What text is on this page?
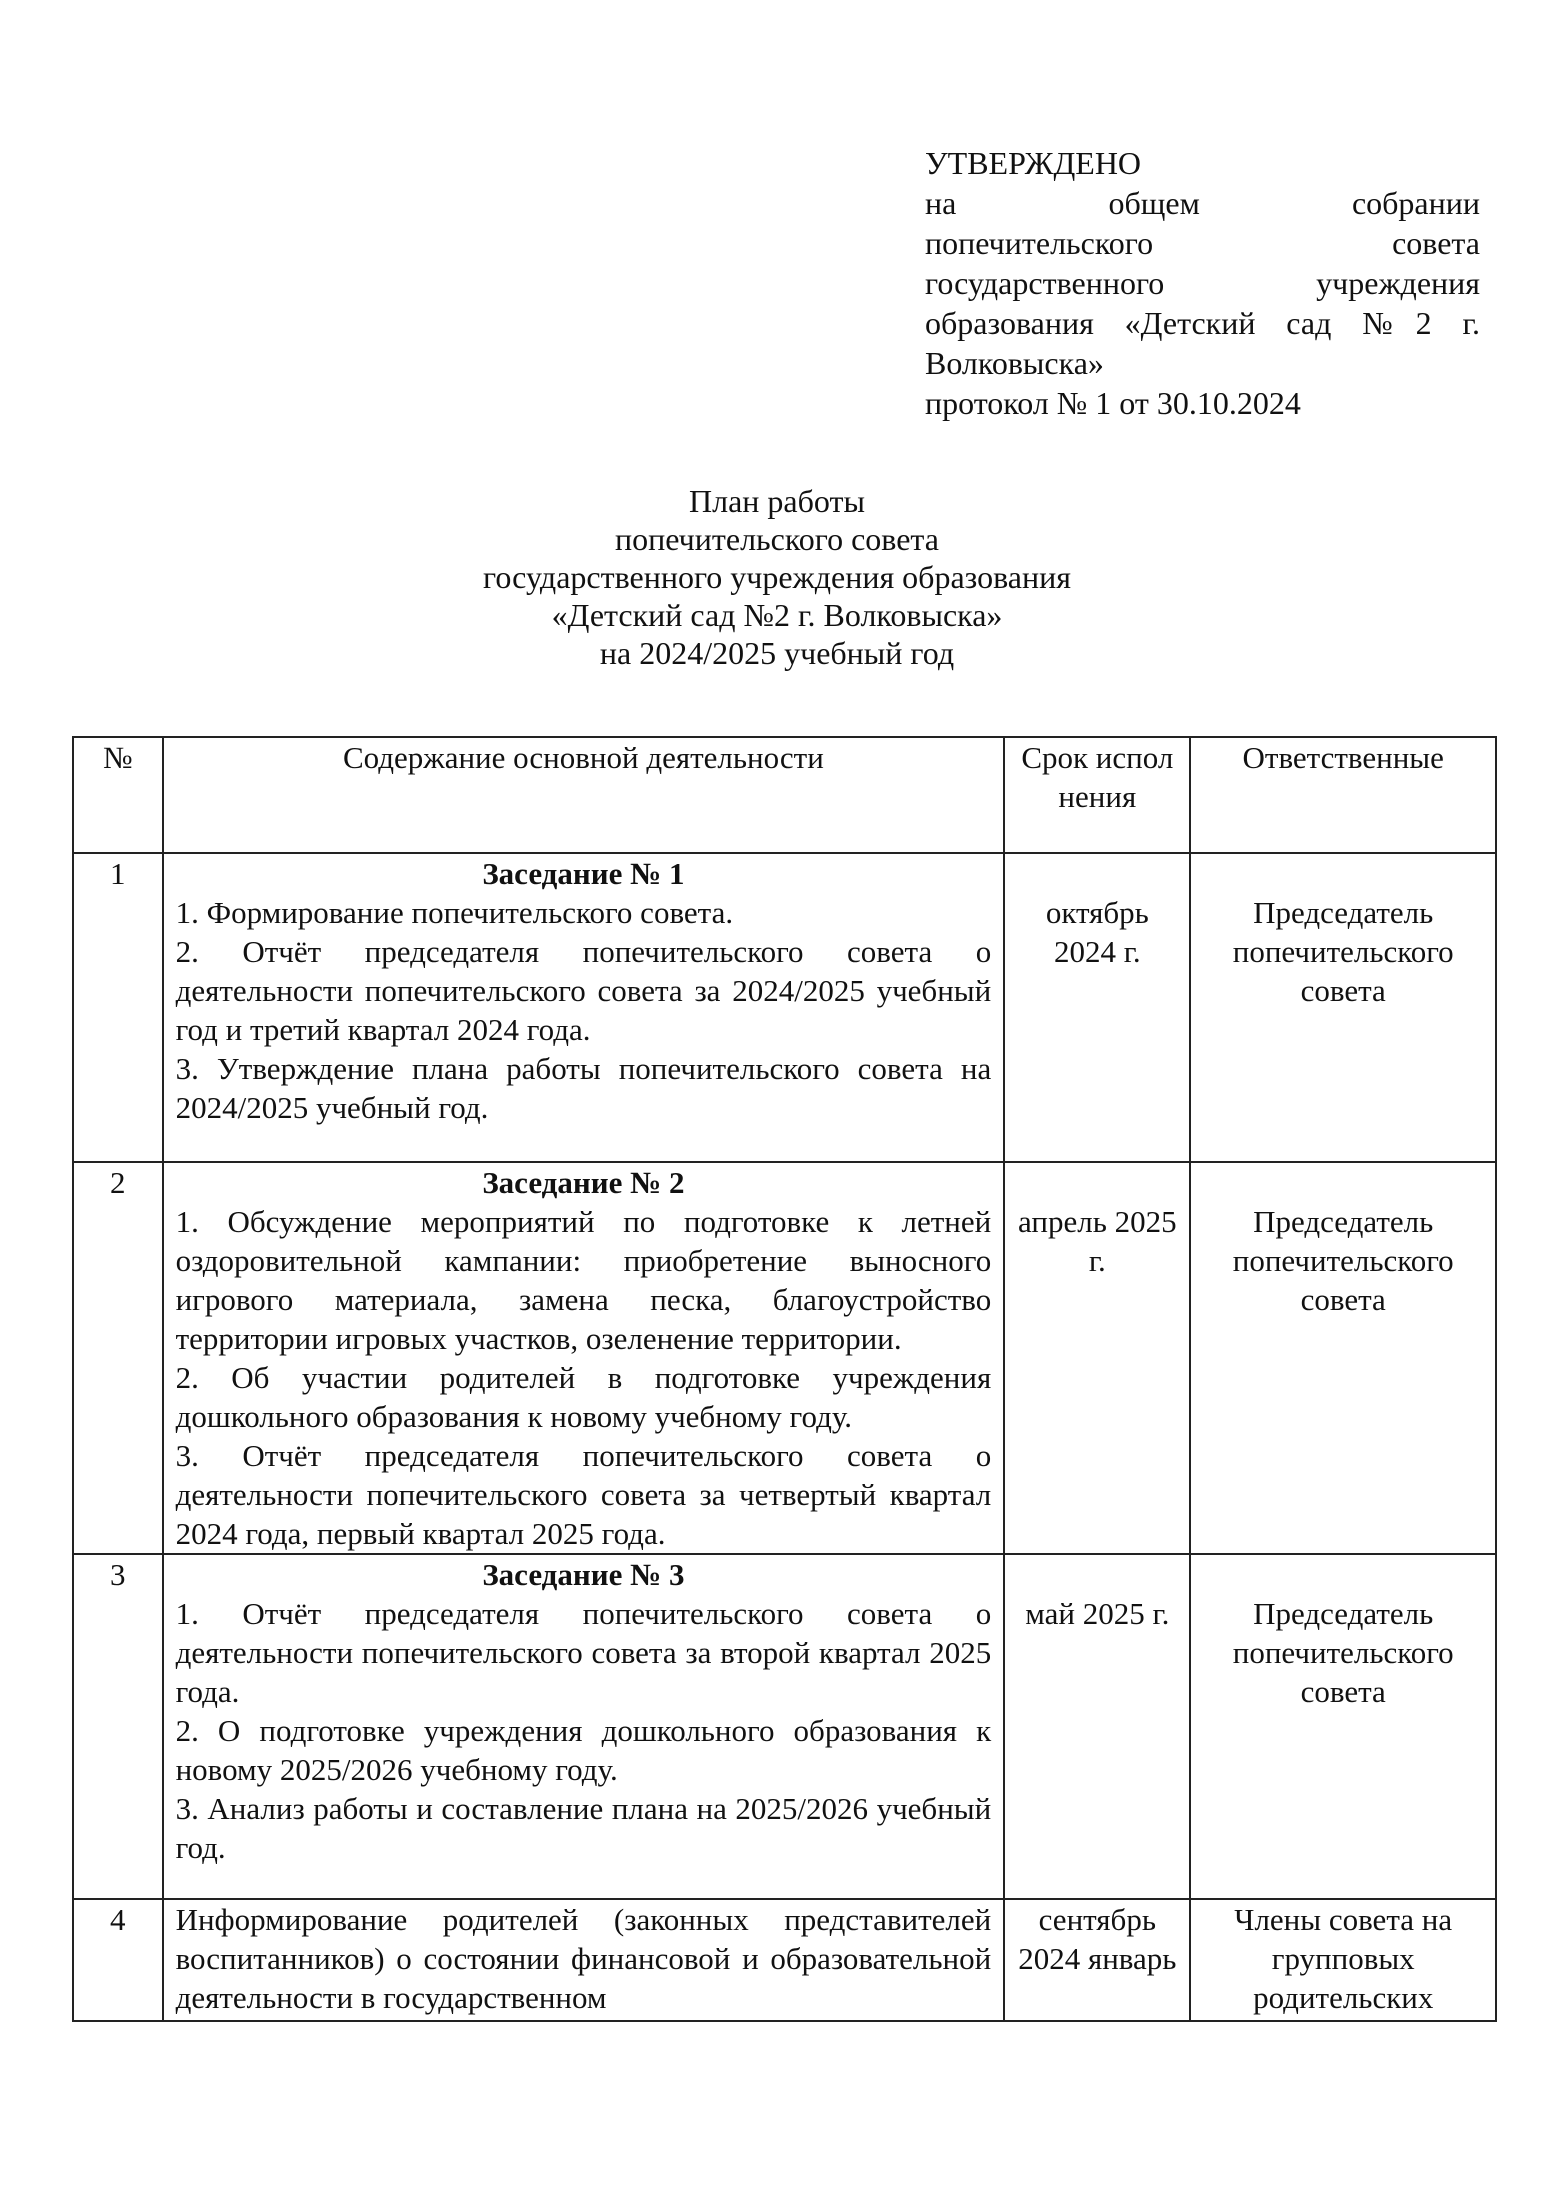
УТВЕРЖДЕНО
на общем собрании
попечительского совета
государственного учреждения
образования «Детский сад №2 г.
Волковыска»
протокол № 1 от 30.10.2024
План работы
попечительского совета
государственного учреждения образования
«Детский сад №2 г. Волковыска»
на 2024/2025 учебный год
№	Содержание основной деятельности	Срок исполнения	Ответственные
1	Заседание № 1
1. Формирование попечительского совета.
2. Отчёт председателя попечительского совета о деятельности попечительского совета за 2024/2025 учебный год и третий квартал 2024 года.
3. Утверждение плана работы попечительского совета на 2024/2025 учебный год.	октябрь 2024 г.	Председатель попечительского совета

2	Заседание № 2
1. Обсуждение мероприятий по подготовке к летней оздоровительной кампании: приобретение выносного игрового материала, замена песка, благоустройство территории игровых участков, озеленение территории.
2. Об участии родителей в подготовке учреждения дошкольного образования к новому учебному году.
3. Отчёт председателя попечительского совета о деятельности попечительского совета за четвертый квартал 2024 года, первый квартал 2025 года.	апрель 2025 г.	Председатель попечительского совета

3	Заседание № 3
1. Отчёт председателя попечительского совета о деятельности попечительского совета за второй квартал 2025 года.
2. О подготовке учреждения дошкольного образования к новому 2025/2026 учебному году.
3. Анализ работы и составление плана на 2025/2026 учебный год.	май 2025 г.	Председатель попечительского совета

4	Информирование родителей (законных представителей воспитанников) о состоянии финансовой и образовательной деятельности в государственном	сентябрь 2024 январь	Члены совета на групповых родительских
